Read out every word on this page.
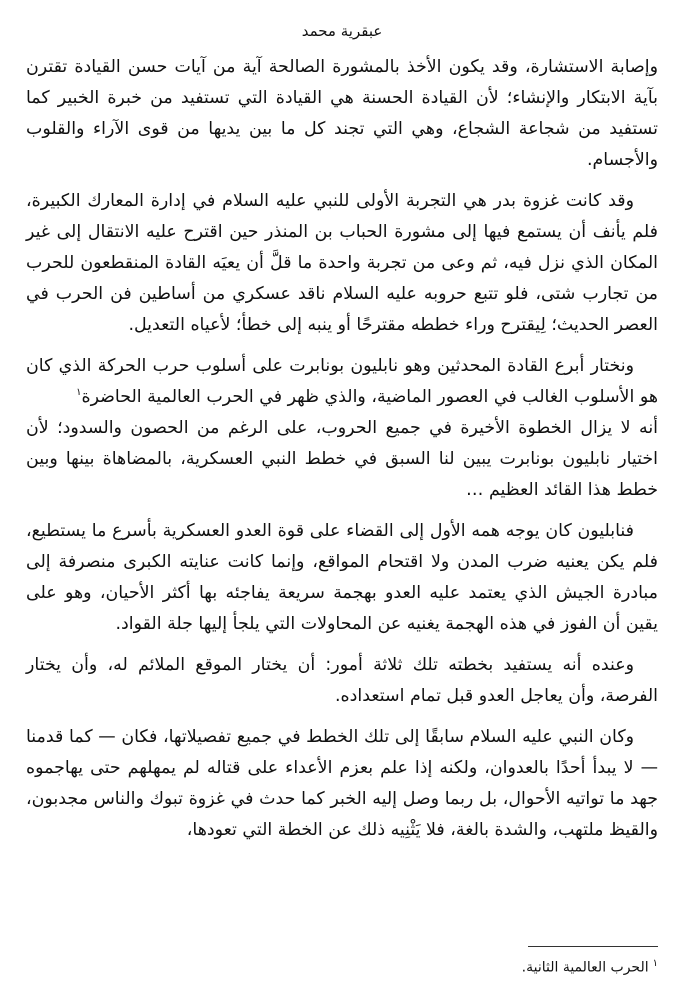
عبقرية محمد

وإصابة الاستشارة، وقد يكون الأخذ بالمشورة الصالحة آية من آيات حسن القيادة تقترن بآية الابتكار والإنشاء؛ لأن القيادة الحسنة هي القيادة التي تستفيد من خبرة الخبير كما تستفيد من شجاعة الشجاع، وهي التي تجند كل ما بين يديها من قوى الآراء والقلوب والأجسام.

وقد كانت غزوة بدر هي التجربة الأولى للنبي عليه السلام في إدارة المعارك الكبيرة، فلم يأنف أن يستمع فيها إلى مشورة الحباب بن المنذر حين اقترح عليه الانتقال إلى غير المكان الذي نزل فيه، ثم وعى من تجربة واحدة ما قلَّ أن يعيَه القادة المنقطعون للحرب من تجارب شتى، فلو تتبع حروبه عليه السلام ناقد عسكري من أساطين فن الحرب في العصر الحديث؛ لِيقترح وراء خططه مقترحًا أو ينبه إلى خطأ؛ لأعياه التعديل.

ونختار أبرع القادة المحدثين وهو نابليون بونابرت على أسلوب حرب الحركة الذي كان هو الأسلوب الغالب في العصور الماضية، والذي ظهر في الحرب العالمية الحاضرة$^١$

أنه لا يزال الخطوة الأخيرة في جميع الحروب، على الرغم من الحصون والسدود؛ لأن اختيار نابليون بونابرت يبين لنا السبق في خطط النبي العسكرية، بالمضاهاة بينها وبين خطط هذا القائد العظيم …

فنابليون كان يوجه همه الأول إلى القضاء على قوة العدو العسكرية بأسرع ما يستطيع، فلم يكن يعنيه ضرب المدن ولا اقتحام المواقع، وإنما كانت عنايته الكبرى منصرفة إلى مبادرة الجيش الذي يعتمد عليه العدو بهجمة سريعة يفاجئه بها أكثر الأحيان، وهو على يقين أن الفوز في هذه الهجمة يغنيه عن المحاولات التي يلجأ إليها جلة القواد.

وعنده أنه يستفيد بخطته تلك ثلاثة أمور: أن يختار الموقع الملائم له، وأن يختار الفرصة، وأن يعاجل العدو قبل تمام استعداده.

وكان النبي عليه السلام سابقًا إلى تلك الخطط في جميع تفصيلاتها، فكان — كما قدمنا — لا يبدأ أحدًا بالعدوان، ولكنه إذا علم بعزم الأعداء على قتاله لم يمهلهم حتى يهاجموه جهد ما تواتيه الأحوال، بل ربما وصل إليه الخبر كما حدث في غزوة تبوك والناس مجدبون، والقيظ ملتهب، والشدة بالغة، فلا يَثْنِيه ذلك عن الخطة التي تعودها،

$^١$الحرب العالمية الثانية.
